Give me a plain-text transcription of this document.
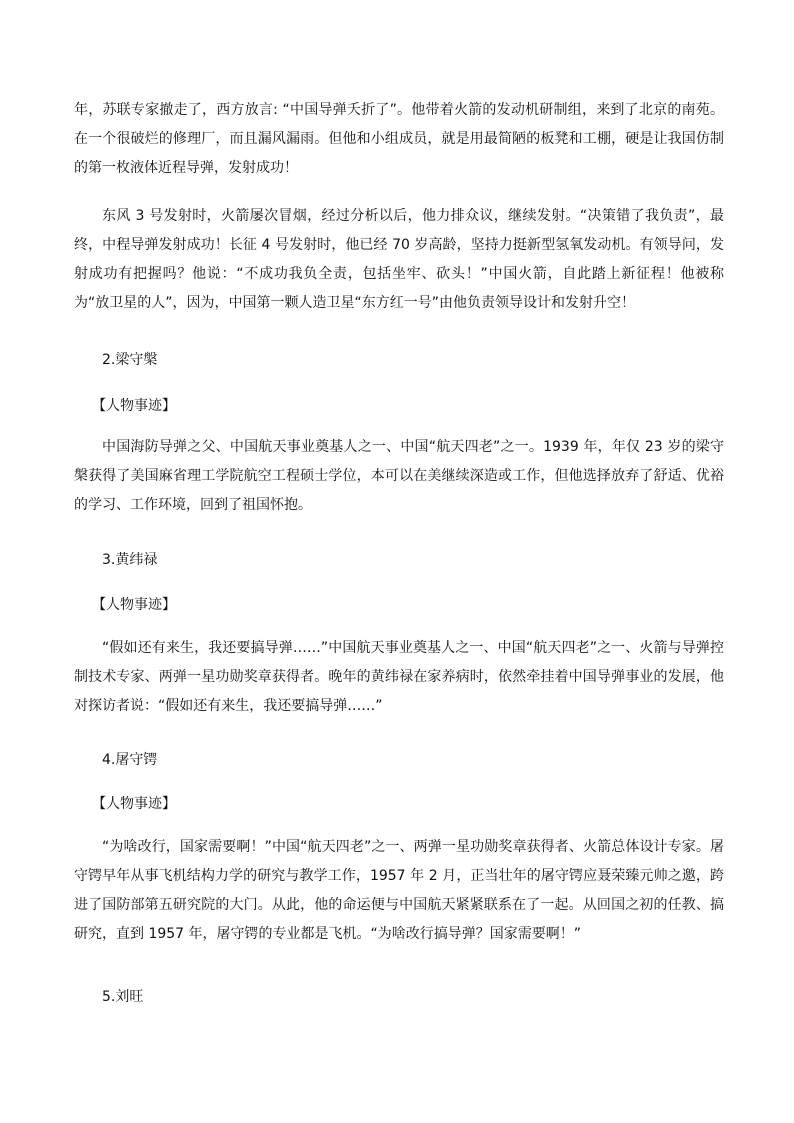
年，苏联专家撤走了，西方放言: “中国导弹夭折了”。他带着火箭的发动机研制组，来到了北京的南苑。在一个很破烂的修理厂，而且漏风漏雨。但他和小组成员，就是用最简陋的板凳和工棚，硬是让我国仿制的第一枚液体近程导弹，发射成功！

东风 3 号发射时，火箭屡次冒烟，经过分析以后，他力排众议，继续发射。“决策错了我负责”，最终，中程导弹发射成功！长征 4 号发射时，他已经 70 岁高龄，坚持力挺新型氢氧发动机。有领导问，发射成功有把握吗？他说：“不成功我负全责，包括坐牢、砍头！”中国火箭，自此踏上新征程！他被称为“放卫星的人”，因为，中国第一颗人造卫星“东方红一号”由他负责领导设计和发射升空！

2.梁守槃

【人物事迹】

中国海防导弹之父、中国航天事业奠基人之一、中国“航天四老”之一。1939 年，年仅 23 岁的梁守槃获得了美国麻省理工学院航空工程硕士学位，本可以在美继续深造或工作，但他选择放弃了舒适、优裕的学习、工作环境，回到了祖国怀抱。

3.黄纬禄

【人物事迹】

“假如还有来生，我还要搞导弹……”中国航天事业奠基人之一、中国“航天四老”之一、火箭与导弹控制技术专家、两弹一星功勋奖章获得者。晚年的黄纬禄在家养病时，依然牵挂着中国导弹事业的发展，他对探访者说：“假如还有来生，我还要搞导弹……”

4.屠守锷

【人物事迹】

“为啥改行，国家需要啊！”中国“航天四老”之一、两弹一星功勋奖章获得者、火箭总体设计专家。屠守锷早年从事飞机结构力学的研究与教学工作，1957 年 2 月，正当壮年的屠守锷应聂荣臻元帅之邀，跨进了国防部第五研究院的大门。从此，他的命运便与中国航天紧紧联系在了一起。从回国之初的任教、搞研究，直到 1957 年，屠守锷的专业都是飞机。“为啥改行搞导弹？国家需要啊！”

5.刘旺
